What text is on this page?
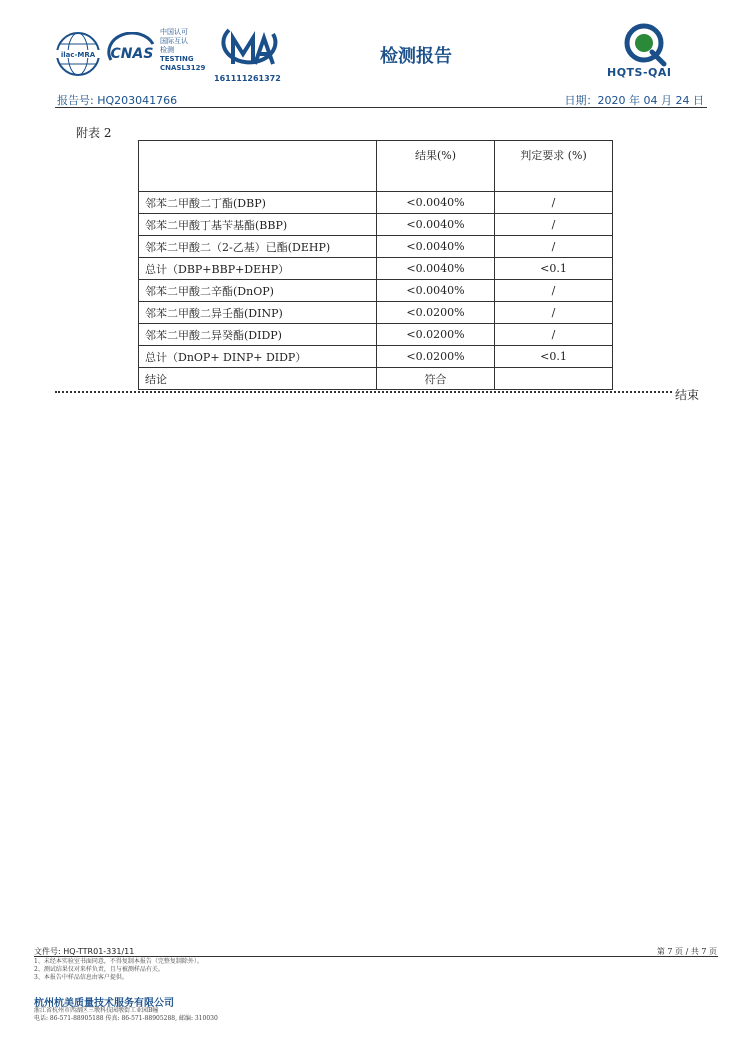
ilac-MRA CNAS
中国认可
国际互认
检测
TESTING
CNASL3129
161111261372
检测报告
HQTS-QAI
报告号: HQ203041766	日期：2020 年 04 月 24 日
附表 2
	结果(%)	判定要求 (%)
邻苯二甲酸二丁酯(DBP)	<0.0040%	/
邻苯二甲酸丁基苄基酯(BBP)	<0.0040%	/
邻苯二甲酸二（2-乙基）已酯(DEHP)	<0.0040%	/
总计（DBP+BBP+DEHP）	<0.0040%	<0.1
邻苯二甲酸二辛酯(DnOP)	<0.0040%	/
邻苯二甲酸二异壬酯(DINP)	<0.0200%	/
邻苯二甲酸二异癸酯(DIDP)	<0.0200%	/
总计（DnOP+ DINP+ DIDP）	<0.0200%	<0.1
结论	符合	
结束
文件号: HQ-TTR01-331/11	第 7 页 / 共 7 页
1、未经本实验室书面同意，不得复制本报告（完整复制除外）。
2、测试结果仅对来样负责，且与被测样品有关。
3、本报告中样品信息由客户提供。
杭州杭美质量技术服务有限公司
浙江省杭州市西湖区三墩科技园墩街工业园B幢
电话: 86-571-88905188 传真: 86-571-88905288, 邮编: 310030
